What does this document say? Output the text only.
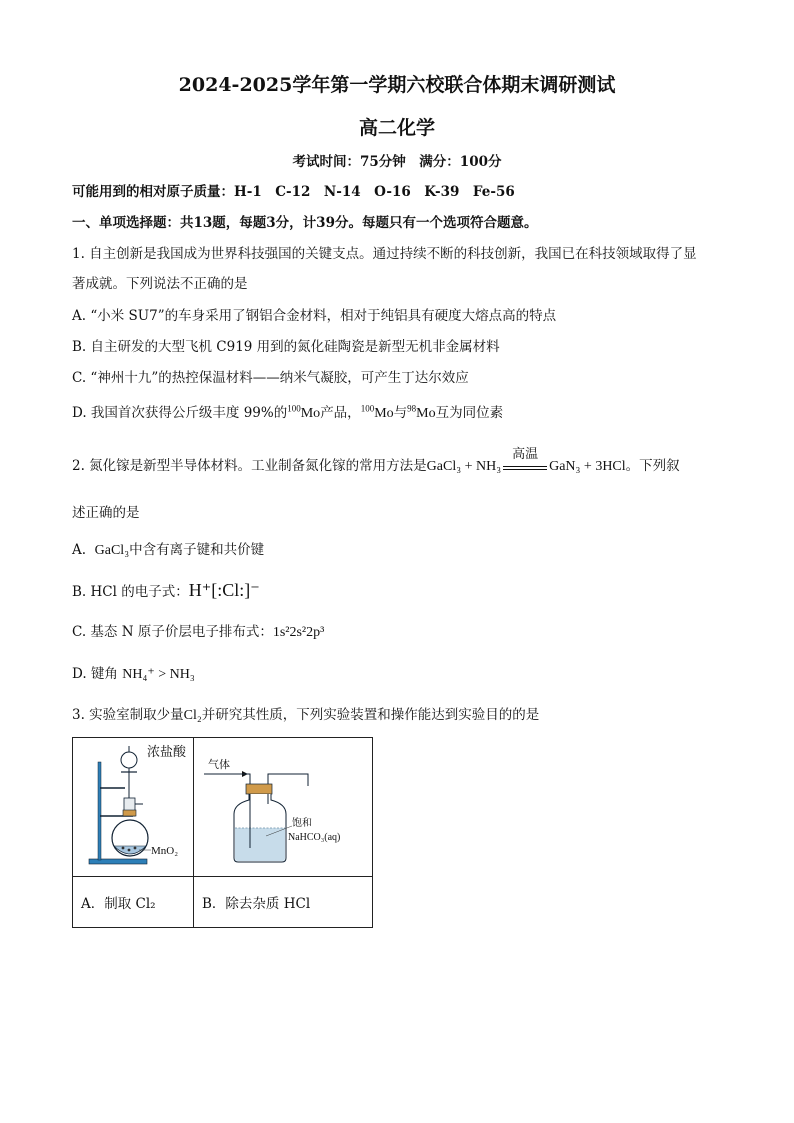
2024-2025学年第一学期六校联合体期末调研测试
高二化学
考试时间：75分钟　满分：100分
可能用到的相对原子质量：H-1　C-12　N-14　O-16　K-39　Fe-56
一、单项选择题：共13题，每题3分，计39分。每题只有一个选项符合题意。
1. 自主创新是我国成为世界科技强国的关键支点。通过持续不断的科技创新，我国已在科技领域取得了显
著成就。下列说法不正确的是
A. “小米 SU7”的车身采用了钢铝合金材料，相对于纯铝具有硬度大熔点高的特点
B. 自主研发的大型飞机 C919 用到的氮化硅陶瓷是新型无机非金属材料
C. “神州十九”的热控保温材料——纳米气凝胶，可产生丁达尔效应
D. 我国首次获得公斤级丰度 99%的$^{100}$Mo产品，$^{100}$Mo与$^{98}$Mo互为同位素
2. 氮化镓是新型半导体材料。工业制备氮化镓的常用方法是GaCl₃ + NH₃
高温
GaN₃ + 3HCl。下列叙
述正确的是
A. GaCl₃中含有离子键和共价键
B. HCl 的电子式：H⁺[:Cl:]⁻
C. 基态 N 原子价层电子排布式：1s²2s²2p³
D. 键角 NH₄⁺ > NH₃
3. 实验室制取少量Cl₂并研究其性质，下列实验装置和操作能达到实验目的的是
浓盐酸
MnO₂	气体
饱和
NaHCO₃(aq)

A．制取 Cl₂	B．除去杂质 HCl
